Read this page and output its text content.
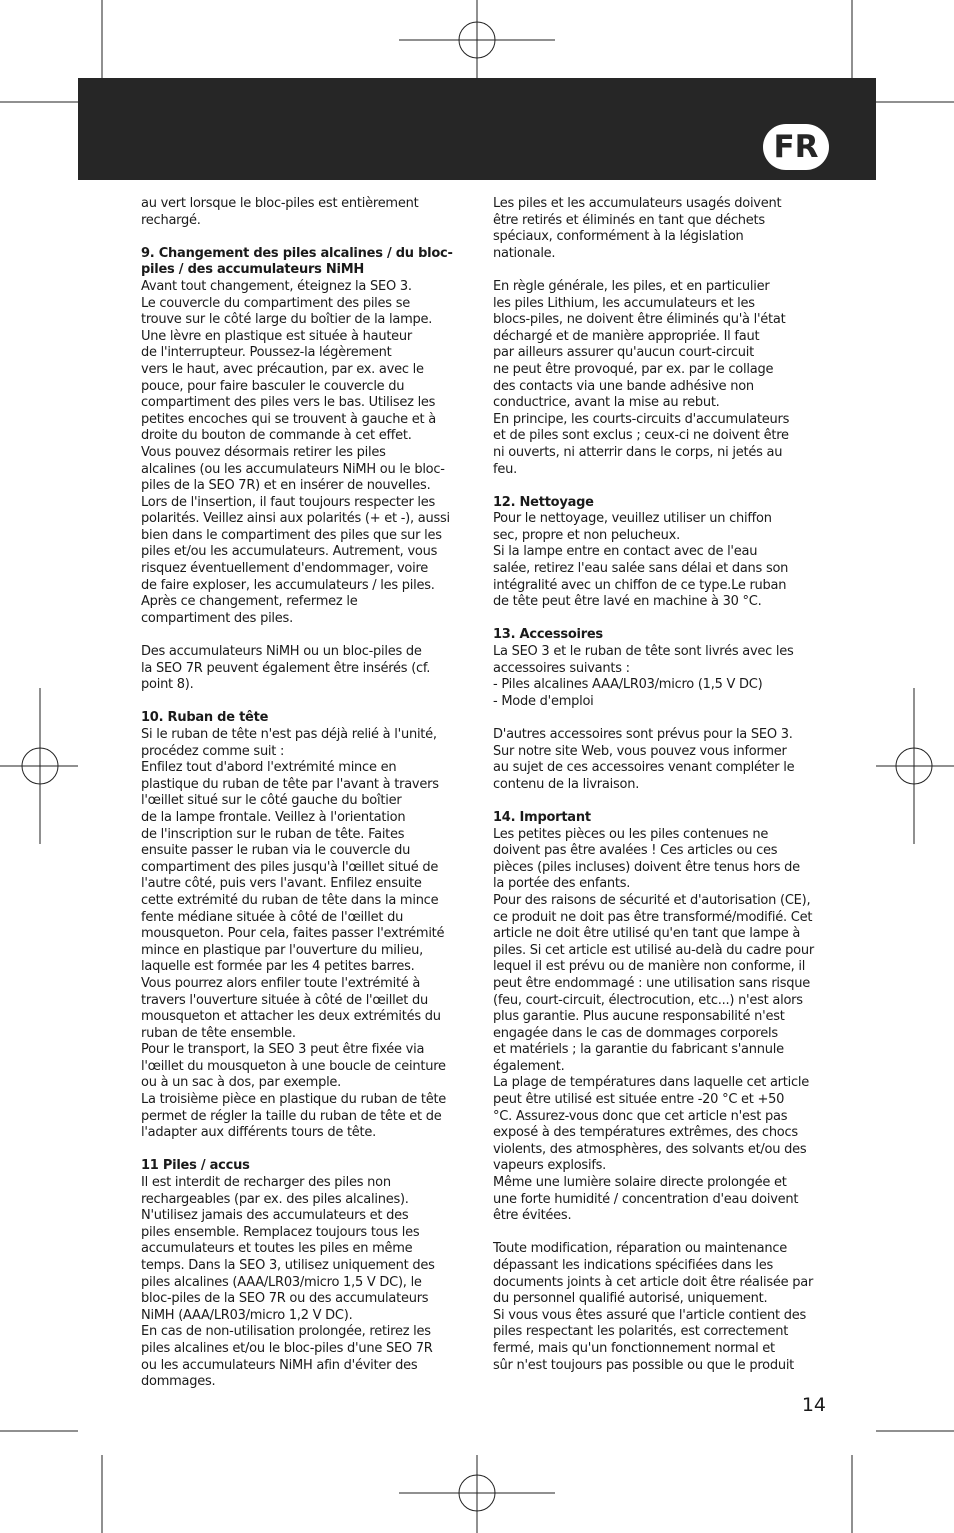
FR
au vert lorsque le bloc-piles est entièrement
rechargé.
9. Changement des piles alcalines / du bloc-
piles / des accumulateurs NiMH
Avant tout changement, éteignez la SEO 3.
Le couvercle du compartiment des piles se
trouve sur le côté large du boîtier de la lampe.
Une lèvre en plastique est située à hauteur
de l'interrupteur. Poussez-la légèrement
vers le haut, avec précaution, par ex. avec le
pouce, pour faire basculer le couvercle du
compartiment des piles vers le bas. Utilisez les
petites encoches qui se trouvent à gauche et à
droite du bouton de commande à cet effet.
Vous pouvez désormais retirer les piles
alcalines (ou les accumulateurs NiMH ou le bloc-
piles de la SEO 7R) et en insérer de nouvelles.
Lors de l'insertion, il faut toujours respecter les
polarités. Veillez ainsi aux polarités (+ et -), aussi
bien dans le compartiment des piles que sur les
piles et/ou les accumulateurs. Autrement, vous
risquez éventuellement d'endommager, voire
de faire exploser, les accumulateurs / les piles.
Après ce changement, refermez le
compartiment des piles.
Des accumulateurs NiMH ou un bloc-piles de
la SEO 7R peuvent également être insérés (cf.
point 8).
10. Ruban de tête
Si le ruban de tête n'est pas déjà relié à l'unité,
procédez comme suit :
Enfilez tout d'abord l'extrémité mince en
plastique du ruban de tête par l'avant à travers
l'œillet situé sur le côté gauche du boîtier
de la lampe frontale. Veillez à l'orientation
de l'inscription sur le ruban de tête. Faites
ensuite passer le ruban via le couvercle du
compartiment des piles jusqu'à l'œillet situé de
l'autre côté, puis vers l'avant. Enfilez ensuite
cette extrémité du ruban de tête dans la mince
fente médiane située à côté de l'œillet du
mousqueton. Pour cela, faites passer l'extrémité
mince en plastique par l'ouverture du milieu,
laquelle est formée par les 4 petites barres.
Vous pourrez alors enfiler toute l'extrémité à
travers l'ouverture située à côté de l'œillet du
mousqueton et attacher les deux extrémités du
ruban de tête ensemble.
Pour le transport, la SEO 3 peut être fixée via
l'œillet du mousqueton à une boucle de ceinture
ou à un sac à dos, par exemple.
La troisième pièce en plastique du ruban de tête
permet de régler la taille du ruban de tête et de
l'adapter aux différents tours de tête.
11 Piles / accus
Il est interdit de recharger des piles non
rechargeables (par ex. des piles alcalines).
N'utilisez jamais des accumulateurs et des
piles ensemble. Remplacez toujours tous les
accumulateurs et toutes les piles en même
temps. Dans la SEO 3, utilisez uniquement des
piles alcalines (AAA/LR03/micro 1,5 V DC), le
bloc-piles de la SEO 7R ou des accumulateurs
NiMH (AAA/LR03/micro 1,2 V DC).
En cas de non-utilisation prolongée, retirez les
piles alcalines et/ou le bloc-piles d'une SEO 7R
ou les accumulateurs NiMH afin d'éviter des
dommages.
Les piles et les accumulateurs usagés doivent
être retirés et éliminés en tant que déchets
spéciaux, conformément à la législation
nationale.
En règle générale, les piles, et en particulier
les piles Lithium, les accumulateurs et les
blocs-piles, ne doivent être éliminés qu'à l'état
déchargé et de manière appropriée. Il faut
par ailleurs assurer qu'aucun court-circuit
ne peut être provoqué, par ex. par le collage
des contacts via une bande adhésive non
conductrice, avant la mise au rebut.
En principe, les courts-circuits d'accumulateurs
et de piles sont exclus ; ceux-ci ne doivent être
ni ouverts, ni atterrir dans le corps, ni jetés au
feu.
12. Nettoyage
Pour le nettoyage, veuillez utiliser un chiffon
sec, propre et non pelucheux.
Si la lampe entre en contact avec de l'eau
salée, retirez l'eau salée sans délai et dans son
intégralité avec un chiffon de ce type.Le ruban
de tête peut être lavé en machine à 30 °C.
13. Accessoires
La SEO 3 et le ruban de tête sont livrés avec les
accessoires suivants :
- Piles alcalines AAA/LR03/micro (1,5 V DC)
- Mode d'emploi
D'autres accessoires sont prévus pour la SEO 3.
Sur notre site Web, vous pouvez vous informer
au sujet de ces accessoires venant compléter le
contenu de la livraison.
14. Important
Les petites pièces ou les piles contenues ne
doivent pas être avalées ! Ces articles ou ces
pièces (piles incluses) doivent être tenus hors de
la portée des enfants.
Pour des raisons de sécurité et d'autorisation (CE),
ce produit ne doit pas être transformé/modifié. Cet
article ne doit être utilisé qu'en tant que lampe à
piles. Si cet article est utilisé au-delà du cadre pour
lequel il est prévu ou de manière non conforme, il
peut être endommagé : une utilisation sans risque
(feu, court-circuit, électrocution, etc...) n'est alors
plus garantie. Plus aucune responsabilité n'est
engagée dans le cas de dommages corporels
et matériels ; la garantie du fabricant s'annule
également.
La plage de températures dans laquelle cet article
peut être utilisé est située entre -20 °C et +50
°C. Assurez-vous donc que cet article n'est pas
exposé à des températures extrêmes, des chocs
violents, des atmosphères, des solvants et/ou des
vapeurs explosifs.
Même une lumière solaire directe prolongée et
une forte humidité / concentration d'eau doivent
être évitées.
Toute modification, réparation ou maintenance
dépassant les indications spécifiées dans les
documents joints à cet article doit être réalisée par
du personnel qualifié autorisé, uniquement.
Si vous vous êtes assuré que l'article contient des
piles respectant les polarités, est correctement
fermé, mais qu'un fonctionnement normal et
sûr n'est toujours pas possible ou que le produit
14
